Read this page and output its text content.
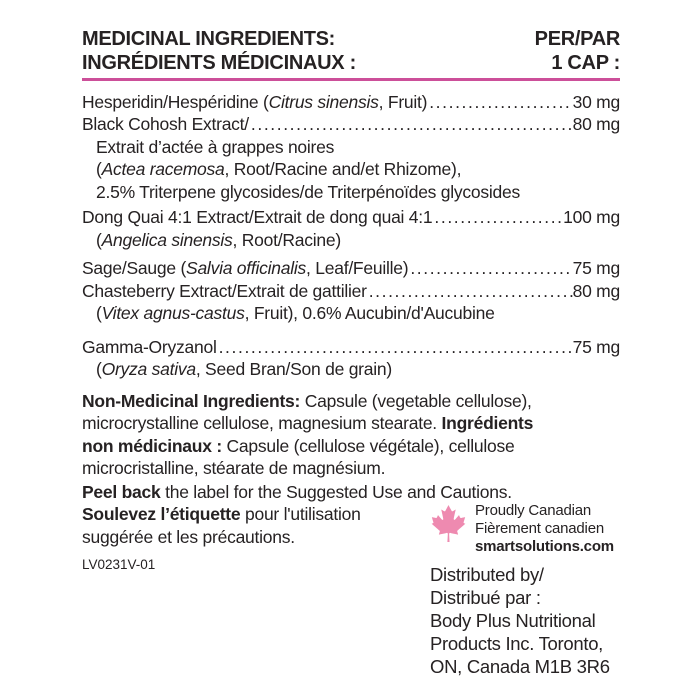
MEDICINAL INGREDIENTS:
INGRÉDIENTS MÉDICINAUX :
PER/PAR
1 CAP :
Hesperidin/Hespéridine (Citrus sinensis, Fruit) .....	30 mg
Black Cohosh Extract/ .....	80 mg
Extrait d’actée à grappes noires
(Actea racemosa, Root/Racine and/et Rhizome),
2.5% Triterpene glycosides/de Triterpénoïdes glycosides
Dong Quai 4:1 Extract/Extrait de dong quai 4:1 .....	100 mg
(Angelica sinensis, Root/Racine)
Sage/Sauge (Salvia officinalis, Leaf/Feuille) .....	75 mg
Chasteberry Extract/Extrait de gattilier .....	80 mg
(Vitex agnus-castus, Fruit), 0.6% Aucubin/d'Aucubine
Gamma-Oryzanol .....	75 mg
(Oryza sativa, Seed Bran/Son de grain)
Non-Medicinal Ingredients: Capsule (vegetable cellulose),
microcrystalline cellulose, magnesium stearate. Ingrédients
non médicinaux : Capsule (cellulose végétale), cellulose
microcristalline, stéarate de magnésium.
Peel back the label for the Suggested Use and Cautions.
Soulevez l’étiquette pour l'utilisation
suggérée et les précautions.
LV0231V-01
Proudly Canadian
Fièrement canadien
smartsolutions.com
Distributed by/
Distribué par :
Body Plus Nutritional
Products Inc. Toronto,
ON, Canada M1B 3R6
